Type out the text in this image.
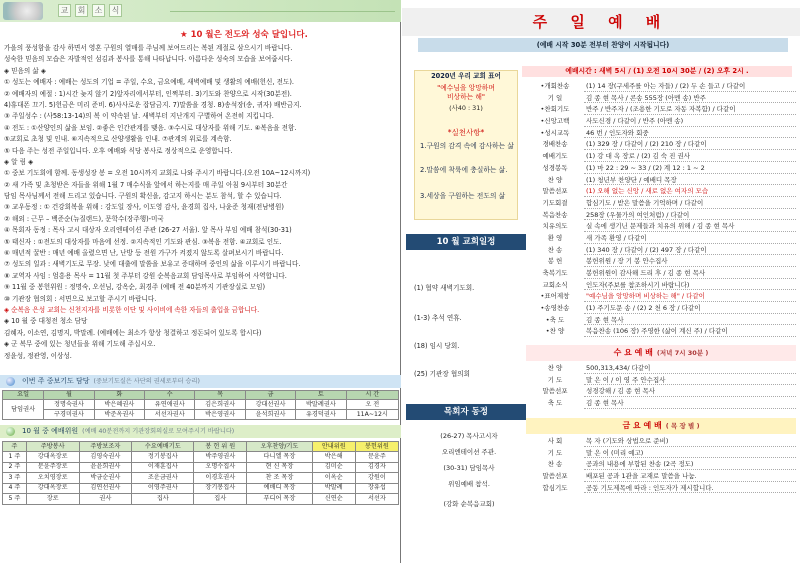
교 회 소 식
★ 10 월은 전도와 성숙 달입니다.
가을의 풍성함을 감사 하면서 영혼 구원의 열매를 주님께 보여드리는 복된 계절로 삼으시기 바랍니다.
성숙한 믿음의 모습은 자발적인 섬김과 봉사를 통해 나타납니다. 아름다운 성숙의 모습을 보여줍시다.
◈ 믿음의 삶 ◈
① 성도는 예배자 : 예배는 성도의 기업 = 주일, 수요, 금요예배, 새벽예배 및 생활의 예배(헌신, 전도).
② 예배자의 예절 : 1)시간 늦지 않기 2)앞자리에서부터, 인쩍부터. 3)기도와 찬양으로 시작(30분전).
4)휴대폰 끄기. 5)헌금은 미리 준비. 6)사사로운 잡담금지. 7)말씀을 경청. 8)송석장(송, 귀자) 배반금지.
③ 주일성수 : (사58:13-14)의 복 이 약속된 날. 새벽부터 지난개지 구별하여 온전히 지킵니다.
④ 전도 : ①산양인의 삶을 보임. ②좋은 인간관계를 맺음. ③수시로 대상자를 위해 기도. ④복음을 전함.
⑤교회로 초청 및 인내. ⑥지속적으로 산양생활을 인내. ⑦관계의 위로를 계속함.
⑤ 다음 주는 성전 주일입니다. 오후 예배와 식당 봉사로 정상적으로 운영합니다.
◈ 알 림 ◈
① 중보 기도회에 함께. 동생성장 봉 = 오전 10시까지 교회로 나와 주시기 바랍니다.(오전 10A~12시까지)
② 새 가족 및 초청받은 자들을 위해 1월 7 매수식을 앞에서 하는지를 매 주일 아침 9시부터 30분간
담임 목사님께서 전해 드리고 있습니다. 구원의 확신을, 감고지 하시는 분도 참석, 할 수 있습니다.
③ 교우동정 : ① 건강회복을 위해 : 강도일 장사, 이도영 감사, 윤경희 집사, 나윤준 청재(전남병원)
② 해외 : 근무 – 백준순(뉴질랜드), 문학수(장주행)-미국
④ 목회자 동정 : 목사 고시 대상자 오리엔테이션 주관 (26-27 서울). 앞 목사 부임 예배 참석(30-31)
⑤ 태신자 : ①전도의 대상자를 마음에 선정. ②지속적인 기도와 관심. ③복음 전함. ④교회로 인도.
⑥ 매년적 꿀반 : 매년 예배 올렸으면 난, 난방 등 전원 가구가 켜졌지 않도록 살펴보시기 바랍니다.
⑦ 성도의 일과 : 새벽기도로 무장. 낮에 대출에 말씀을 보유고 증대하며 중인의 삶을 이루시기 바랍니다.
⑧ 교역자 사임 : 엄흥용 목사 = 11월 첫 주부터 강원 순복음교회 담임목사로 부임하여 사역합니다.
⑨ 11월 중 봉헌위원 : 정명숙, 오선님, 강옥순, 최경주 (예배 전 40분까지 기관장실로 모임)
⑩ 기관장 협의회 : 서면으로 보고할 주시기 바랍니다.
◈ 순복음 은성 교회는 신천지자를 비롯한 이단 및 사이비에 속한 자들의 출입을 금합니다.
◈ 10 월 중 대청전 청소 담당
김혜자, 이소연, 김명지, 박말례. (예배에는 최소가 항상 청결하고 정돈되어 있도록 합시다)
◈ 군 복무 중에 있는 청년들을 위해 기도해 주십시오.
정윤성, 정관영, 이상성.
이번 주 중보기도 담당 (중보기도실은 사단의 권세로부터 승리)
요일	월	화	수	목	금	토	시 간
담임권사	정명숙권사	박은혜권사	유연애권사	김은희권사	강대선권사	박말례권사	오 전
	구경미권사	박준옥권사	서선자권사	박은영권사	윤석희권사	유경덕권사	11A~12시
10 월 중 예배위원 (예배 40분전까지 기관장회의실로 모여주시기 바랍니다)
주	주방봉사	주방보조자	수요예배기도	봉 헌 위 원	오후찬양/기도	안내위원	봉헌위원
1 주	강대옥장로	김영숙권사	정기봉집사	박주영권사	다니엘 목장	박은해	문윤주
2 주	문윤주장로	윤윤희권사	이재훈집사	오명수집사	현 신 목장	김미순	김경자
3 주	오치영장로	박금순권사	조운금권사	이경호권사	찬 조 목장	이옥순	강원이
4 주	강대옥장로	김연선권사	이영주권사	장기봉집사	예배디 목장	박말례	장유섭
5 주	장로	권사	집사	집사	푸디어 목장	신연순	서선자
주 일 예 배
(예배 시작 30분 전부터 찬양이 시작됩니다)
2020년 우리 교회 표어
"예수님을 앙망하며
비상하는 해"
(사40 : 31)
*실천사항*
1.구원의 감격 속에 감사하는 삶
2.말씀에 착륙에 충실하는 삶.
3.세상을 구원하는 전도의 삶
10 월 교회일정
(1) 협약 새벽기도회.
(1-3) 추석 연휴.
(18) 임시 당회.
(25) 기관장 협의회
목회자 동정
(26-27) 목사고시자
오리엔테이션 주관.
(30-31) 담임목사
위임예배 참석.
(강화 순복음교회)
예배시간 : 새벽 5시 / (1) 오전 10시 30분 / (2) 오후 2시 .
•개회찬송	(1) 14 장(구세주를 아는 자들) / (2) 두 손 들고 / 다같이
기 일	김 종 현 목사 / 콘송 555장 (아멘 송) 반주
•찬회기도	반주 / 반주자 / (조용한 기도로 자동 자복함) / 다같이
•신앙고백	사도신경 / 다같이 / 반주 (아멘 송)
•성시교독	46 번 / 인도자와 회중
경배찬송	(1) 329 장 / 다같이 / (2) 210 장 / 다같이
예배기도	(1) 강 대 옥 장로 / (2) 김 숙 진 권사
성경봉독	(1) 마 22 : 29 ~ 33 / (2) 계 12 : 1 ~ 2
찬 양	(1) 청년부 찬양단 / 예배디 목장
말씀선포	(1) 오해 없는 신앙 / 새로 없은 여자의 모습
기도회결	합심기도 / 받은 말씀을 기억하며 / 다같이
복음찬송	258장 (우물가의 여인처럼) / 다같이
치유의도	실 속에 생기닌 문제들과 치유의 위해 / 김 종 현 목사
환 영	새 가족 환영 / 다같이
찬 송	(1) 340 장 / 다같이 / (2) 497 장 / 다같이
봉 헌	봉헌위원 / 장 기 봉 안수집사
축복기도	봉헌위원이 감사해 드리 후 / 김 종 현 목사
교회소식	인도자(주보를 참조하시기 바랍니다)
•표어제창	"예수님을 앙망하며 비상하는 해" / 다같이
•송영찬송	(1) 주기도문 송 / (2) 2 천 6 장 / 다같이
•축 도	김 종 현 목사
•찬 양	복음찬송 (106 장) 주영한 (삶이 계신 주) / 다같이
수 요 예 배 (저녁 7시 30분 )
찬 양	500,313,434/ 다같이
기 도	말 은 이 / 이 영 주 안수집사
말씀선포	성경강해 / 김 종 현 목사
축 도	김 종 현 목사
금 요 예 배 ( 목 장 별 )
사 회	목 자 (기도와 상법으로 준비)
기 도	말 은 이 (미리 예고)
찬 송	공과의 내용에 부합된 찬송 (2곡 정도)
말씀선포	배포된 공과 1관을 교재로 말씀을 나눔.
합심기도	공동 기도제목에 따라 : 인도자가 제시합니다.
